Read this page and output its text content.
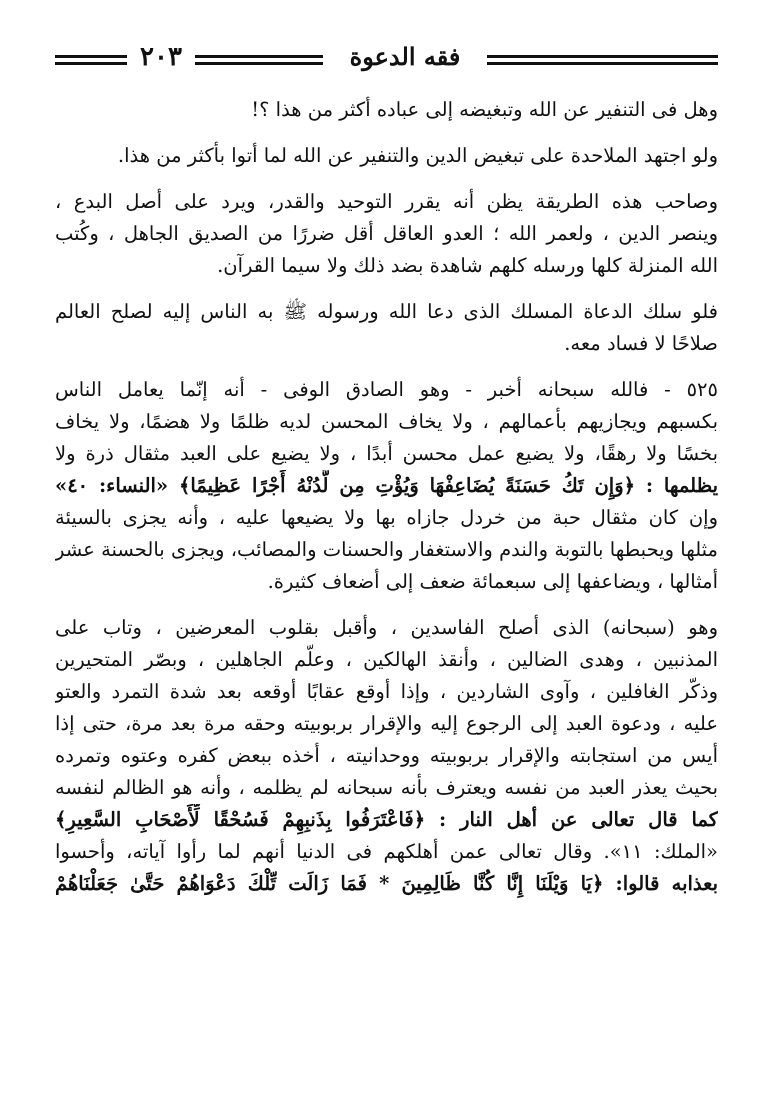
٢٠٣	فقه الدعوة
وهل فى التنفير عن الله وتبغيضه إلى عباده أكثر من هذا ؟!
ولو اجتهد الملاحدة على تبغيض الدين والتنفير عن الله لما أتوا بأكثر من هذا.
وصاحب هذه الطريقة يظن أنه يقرر التوحيد والقدر، ويرد على أصل البدع ،
وينصر الدين ، ولعمر الله ؛ العدو العاقل أقل ضررًا من الصديق الجاهل ، وكُتب
الله المنزلة كلها ورسله كلهم شاهدة بضد ذلك ولا سيما القرآن.
فلو سلك الدعاة المسلك الذى دعا الله ورسوله ﷺ به الناس إليه لصلح العالم
صلاحًا لا فساد معه.
٥٢٥ - فالله سبحانه أخبر - وهو الصادق الوفى - أنه إنّما يعامل الناس
بكسبهم ويجازيهم بأعمالهم ، ولا يخاف المحسن لديه ظلمًا ولا هضمًا، ولا يخاف
بخسًا ولا رهقًا، ولا يضيع عمل محسن أبدًا ، ولا يضيع على العبد مثقال ذرة ولا
يظلمها : ﴿وَإِن تَكُ حَسَنَةً يُضَاعِفْهَا وَيُؤْتِ مِن لَّدُنْهُ أَجْرًا عَظِيمًا﴾ «النساء: ٤٠»
وإن كان مثقال حبة من خردل جازاه بها ولا يضيعها عليه ، وأنه يجزى بالسيئة
مثلها ويحبطها بالتوبة والندم والاستغفار والحسنات والمصائب، ويجزى بالحسنة عشر
أمثالها ، ويضاعفها إلى سبعمائة ضعف إلى أضعاف كثيرة.
وهو (سبحانه) الذى أصلح الفاسدين ، وأقبل بقلوب المعرضين ، وتاب على
المذنبين ، وهدى الضالين ، وأنقذ الهالكين ، وعلّم الجاهلين ، وبصّر المتحيرين
وذكّر الغافلين ، وآوى الشاردين ، وإذا أوقع عقابًا أوقعه بعد شدة التمرد والعتو
عليه ، ودعوة العبد إلى الرجوع إليه والإقرار بربوبيته وحقه مرة بعد مرة، حتى إذا
أيس من استجابته والإقرار بربوبيته ووحدانيته ، أخذه ببعض كفره وعتوه وتمرده
بحيث يعذر العبد من نفسه ويعترف بأنه سبحانه لم يظلمه ، وأنه هو الظالم لنفسه
كما قال تعالى عن أهل النار : ﴿فَاعْتَرَفُوا بِذَنبِهِمْ فَسُحْقًا لِّأَصْحَابِ السَّعِيرِ﴾
«الملك: ١١». وقال تعالى عمن أهلكهم فى الدنيا أنهم لما رأوا آياته، وأحسوا
بعذابه قالوا: ﴿يَا وَيْلَنَا إِنَّا كُنَّا ظَالِمِينَ * فَمَا زَالَت تِّلْكَ دَعْوَاهُمْ حَتَّىٰ جَعَلْنَاهُمْ
